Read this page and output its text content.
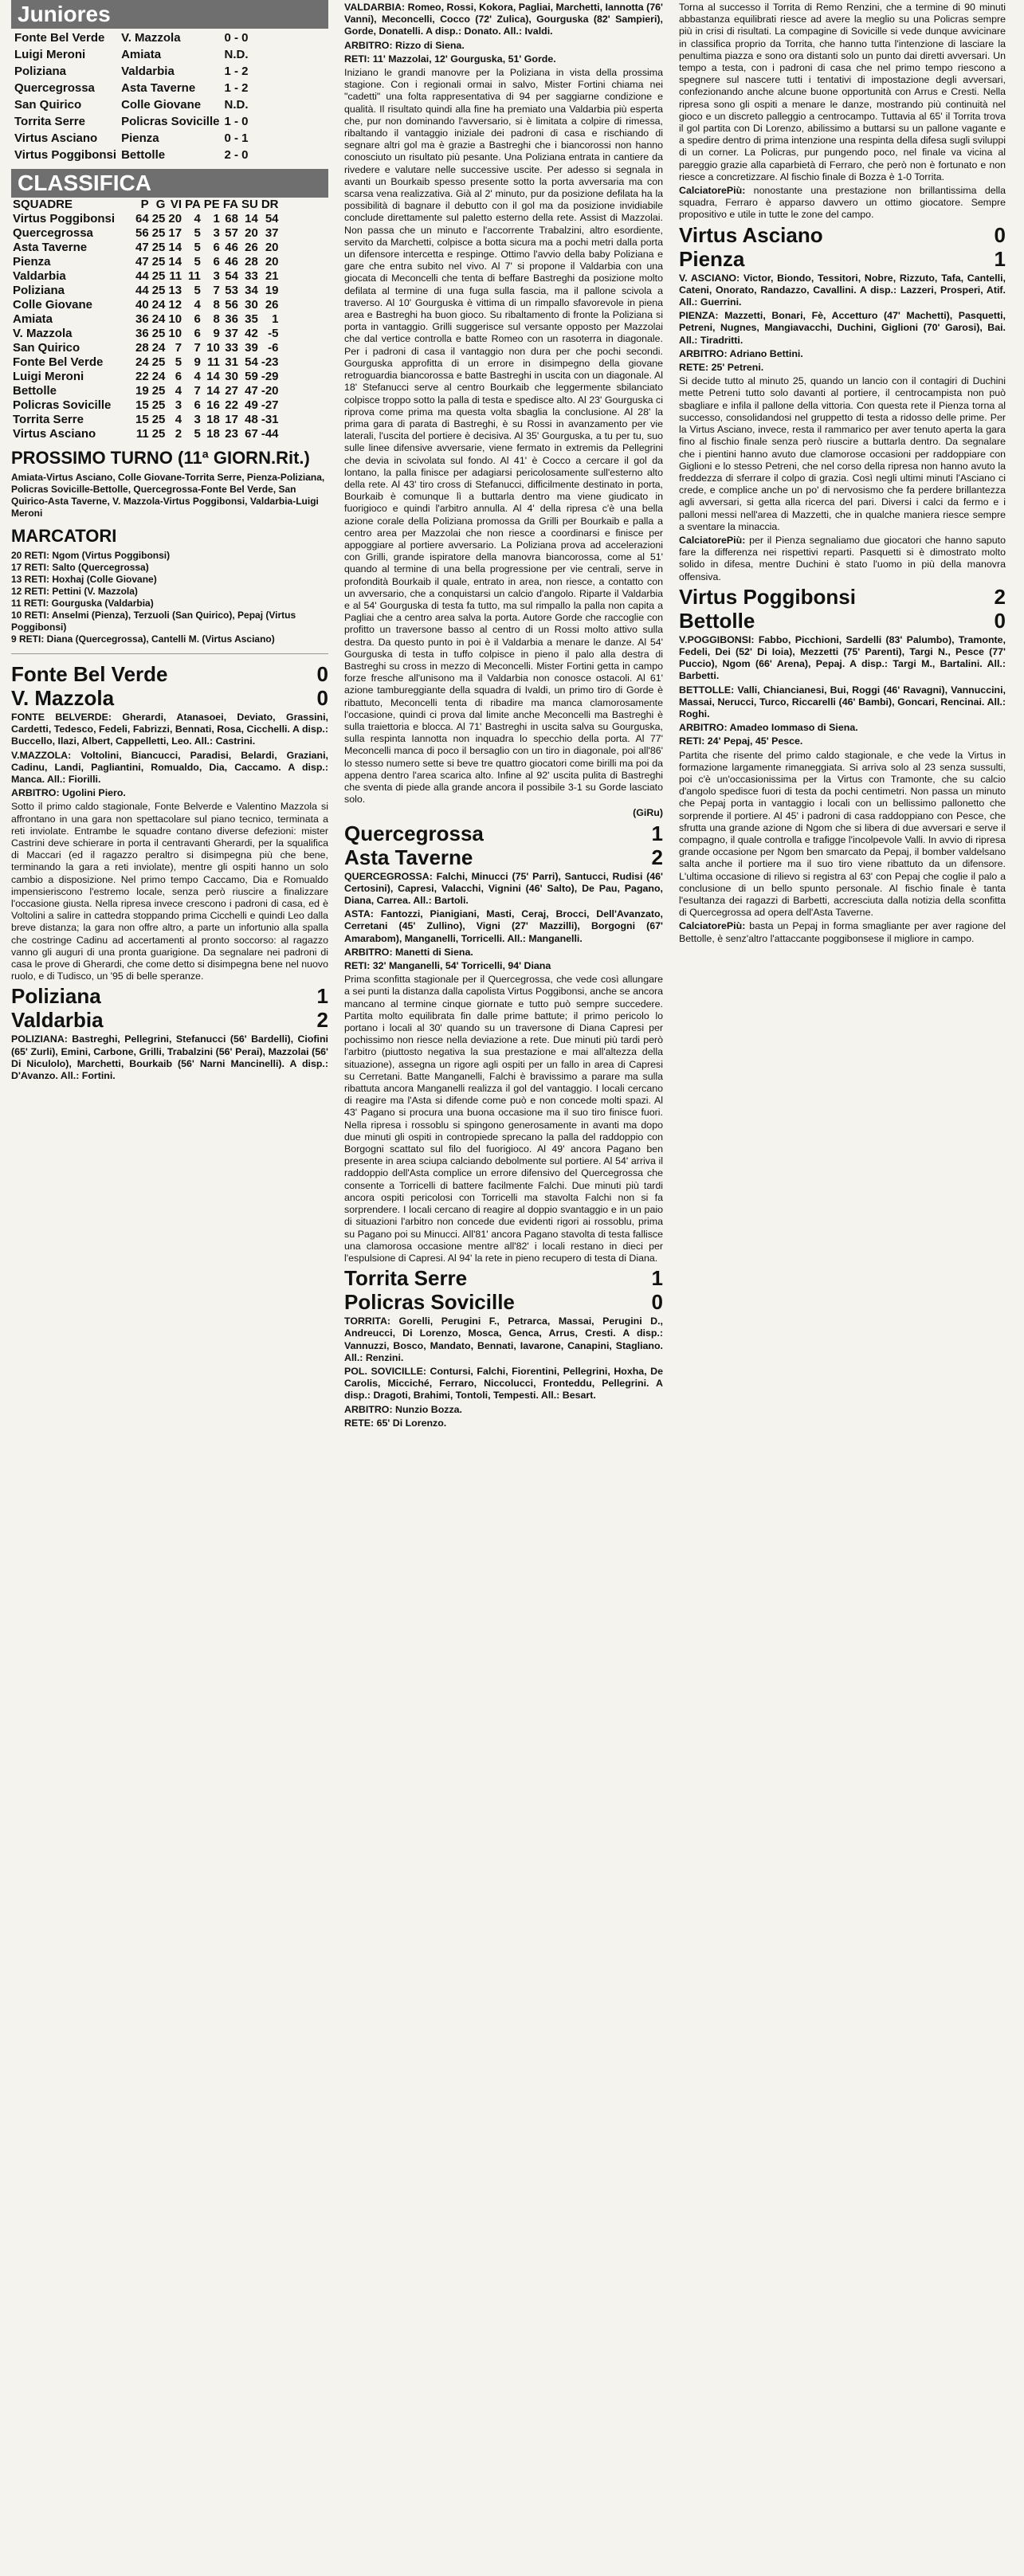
Juniores
Fonte Bel Verde	V. Mazzola	0 - 0
Luigi Meroni	Amiata	N.D.
Poliziana	Valdarbia	1 - 2
Quercegrossa	Asta Taverne	1 - 2
San Quirico	Colle Giovane	N.D.
Torrita Serre	Policras Sovicille	1 - 0
Virtus Asciano	Pienza	0 - 1
Virtus Poggibonsi	Bettolle	2 - 0
CLASSIFICA
SQUADRE	P	G	VI	PA	PE	FA	SU	DR
Virtus Poggibonsi	64	25	20	4	1	68	14	54
Quercegrossa	56	25	17	5	3	57	20	37
Asta Taverne	47	25	14	5	6	46	26	20
Pienza	47	25	14	5	6	46	28	20
Valdarbia	44	25	11	11	3	54	33	21
Poliziana	44	25	13	5	7	53	34	19
Colle Giovane	40	24	12	4	8	56	30	26
Amiata	36	24	10	6	8	36	35	1
V. Mazzola	36	25	10	6	9	37	42	-5
San Quirico	28	24	7	7	10	33	39	-6
Fonte Bel Verde	24	25	5	9	11	31	54	-23
Luigi Meroni	22	24	6	4	14	30	59	-29
Bettolle	19	25	4	7	14	27	47	-20
Policras Sovicille	15	25	3	6	16	22	49	-27
Torrita Serre	15	25	4	3	18	17	48	-31
Virtus Asciano	11	25	2	5	18	23	67	-44
PROSSIMO TURNO (11ª GIORN.Rit.)
Amiata-Virtus Asciano, Colle Giovane-Torrita Serre, Pienza-Poliziana, Policras Sovicille-Bettolle, Quercegrossa-Fonte Bel Verde, San Quirico-Asta Taverne, V. Mazzola-Virtus Poggibonsi, Valdarbia-Luigi Meroni
MARCATORI
20 RETI: Ngom (Virtus Poggibonsi)
17 RETI: Salto (Quercegrossa)
13 RETI: Hoxhaj (Colle Giovane)
12 RETI: Pettini (V. Mazzola)
11 RETI: Gourguska (Valdarbia)
10 RETI: Anselmi (Pienza), Terzuoli (San Quirico), Pepaj (Virtus Poggibonsi)
9 RETI: Diana (Quercegrossa), Cantelli M. (Virtus Asciano)
Fonte Bel Verde	0
V. Mazzola	0

FONTE BELVERDE: Gherardi, Atanasoei, Deviato, Grassini, Cardetti, Tedesco, Fedeli, Fabrizzi, Bennati, Rosa, Cicchelli. A disp.: Buccello, Ilazi, Albert, Cappelletti, Leo. All.: Castrini.

V.MAZZOLA: Voltolini, Biancucci, Paradisi, Belardi, Graziani, Cadinu, Landi, Pagliantini, Romualdo, Dia, Caccamo. A disp.: Manca. All.: Fiorilli.

ARBITRO: Ugolini Piero.

Sotto il primo caldo stagionale, Fonte Belverde e Valentino Mazzola si affrontano in una gara non spettacolare sul piano tecnico, terminata a reti inviolate. Entrambe le squadre contano diverse defezioni: mister Castrini deve schierare in porta il centravanti Gherardi, per la squalifica di Maccari (ed il ragazzo peraltro si disimpegna più che bene, terminando la gara a reti inviolate), mentre gli ospiti hanno un solo cambio a disposizione. Nel primo tempo Caccamo, Dia e Romualdo impensieriscono l'estremo locale, senza però riuscire a finalizzare l'occasione giusta. Nella ripresa invece crescono i padroni di casa, ed è Voltolini a salire in cattedra stoppando prima Cicchelli e quindi Leo dalla breve distanza; la gara non offre altro, a parte un infortunio alla spalla che costringe Cadinu ad accertamenti al pronto soccorso: al ragazzo vanno gli auguri di una pronta guarigione. Da segnalare nei padroni di casa le prove di Gherardi, che come detto si disimpegna bene nel nuovo ruolo, e di Tudisco, un '95 di belle speranze.

Poliziana	1
Valdarbia	2

POLIZIANA: Bastreghi, Pellegrini, Stefanucci (56' Bardelli), Ciofini (65' Zurli), Emini, Carbone, Grilli, Trabalzini (56' Perai), Mazzolai (56' Di Niculolo), Marchetti, Bourkaib (56' Narni Mancinelli). A disp.: D'Avanzo. All.: Fortini.

VALDARBIA: Romeo, Rossi, Kokora, Pagliai, Marchetti, Iannotta (76' Vanni), Meconcelli, Cocco (72' Zulica), Gourguska (82' Sampieri), Gorde, Donatelli. A disp.: Donato. All.: Ivaldi.

ARBITRO: Rizzo di Siena.

RETI: 11' Mazzolai, 12' Gourguska, 51' Gorde.

Iniziano le grandi manovre per la Poliziana in vista della prossima stagione. Con i regionali ormai in salvo, Mister Fortini chiama nei "cadetti" una folta rappresentativa di 94 per saggiarne condizione e qualità. Il risultato quindi alla fine ha premiato una Valdarbia più esperta che, pur non dominando l'avversario, si è limitata a colpire di rimessa, ribaltando il vantaggio iniziale dei padroni di casa e rischiando di segnare altri gol ma è grazie a Bastreghi che i biancorossi non hanno conosciuto un risultato più pesante. Una Poliziana entrata in cantiere da rivedere e valutare nelle successive uscite. Per adesso si segnala in avanti un Bourkaib spesso presente sotto la porta avversaria ma con scarsa vena realizzativa. Già al 2' minuto, pur da posizione defilata ha la possibilità di bagnare il debutto con il gol ma da posizione invidiabile conclude direttamente sul paletto esterno della rete. Assist di Mazzolai. Non passa che un minuto e l'accorrente Trabalzini, altro esordiente, servito da Marchetti, colpisce a botta sicura ma a pochi metri dalla porta un difensore intercetta e respinge. Ottimo l'avvio della baby Poliziana e gare che entra subito nel vivo. Al 7' si propone il Valdarbia con una giocata di Meconcelli che tenta di beffare Bastreghi da posizione molto defilata al termine di una fuga sulla fascia, ma il pallone scivola a traverso. Al 10' Gourguska è vittima di un rimpallo sfavorevole in piena area e Bastreghi ha buon gioco. Su ribaltamento di fronte la Poliziana si porta in vantaggio. Grilli suggerisce sul versante opposto per Mazzolai che dal vertice controlla e batte Romeo con un rasoterra in diagonale. Per i padroni di casa il vantaggio non dura per che pochi secondi. Gourguska approfitta di un errore in disimpegno della giovane retroguardia biancorossa e batte Bastreghi in uscita con un diagonale. Al 18' Stefanucci serve al centro Bourkaib che leggermente sbilanciato colpisce troppo sotto la palla di testa e spedisce alto. Al 23' Gourguska ci riprova come prima ma questa volta sbaglia la conclusione. Al 28' la prima gara di parata di Bastreghi, è su Rossi in avanzamento per vie laterali, l'uscita del portiere è decisiva. Al 35' Gourguska, a tu per tu, suo sulle linee difensive avversarie, viene fermato in extremis da Pellegrini che devia in scivolata sul fondo. Al 41' è Cocco a cercare il gol da lontano, la palla finisce per adagiarsi pericolosamente sull'esterno alto della rete. Al 43' tiro cross di Stefanucci, difficilmente destinato in porta, Bourkaib è comunque lì a buttarla dentro ma viene giudicato in fuorigioco e quindi l'arbitro annulla. Al 4' della ripresa c'è una bella azione corale della Poliziana promossa da Grilli per Bourkaib e palla a centro area per Mazzolai che non riesce a coordinarsi e finisce per appoggiare al portiere avversario. La Poliziana prova ad accelerazioni con Grilli, grande ispiratore della manovra biancorossa, come al 51' quando al termine di una bella progressione per vie centrali, serve in profondità Bourkaib il quale, entrato in area, non riesce, a contatto con un avversario, che a conquistarsi un calcio d'angolo. Riparte il Valdarbia e al 54' Gourguska di testa fa tutto, ma sul rimpallo la palla non capita a Pagliai che a centro area salva la porta. Autore Gorde che raccoglie con profitto un traversone basso al centro di un Rossi molto attivo sulla destra. Da questo punto in poi è il Valdarbia a menare le danze. Al 54' Gourguska di testa in tuffo colpisce in pieno il palo alla destra di Bastreghi su cross in mezzo di Meconcelli. Mister Fortini getta in campo forze fresche all'unisono ma il Valdarbia non conosce ostacoli. Al 61' azione tambureggiante della squadra di Ivaldi, un primo tiro di Gorde è ribattuto, Meconcelli tenta di ribadire ma manca clamorosamente l'occasione, quindi ci prova dal limite anche Meconcelli ma Bastreghi è sulla traiettoria e blocca. Al 71' Bastreghi in uscita salva su Gourguska, sulla respinta Iannotta non inquadra lo specchio della porta. Al 77' Meconcelli manca di poco il bersaglio con un tiro in diagonale, poi all'86' lo stesso numero sette si beve tre quattro giocatori come birilli ma poi da appena dentro l'area scarica alto. Infine al 92' uscita pulita di Bastreghi che sventa di piede alla grande ancora il possibile 3-1 su Gorde lasciato solo.

(GiRu)

Quercegrossa	1
Asta Taverne	2

QUERCEGROSSA: Falchi, Minucci (75' Parri), Santucci, Rudisi (46' Certosini), Capresi, Valacchi, Vignini (46' Salto), De Pau, Pagano, Diana, Carrea. All.: Bartoli.

ASTA: Fantozzi, Pianigiani, Masti, Ceraj, Brocci, Dell'Avanzato, Cerretani (45' Zullino), Vigni (27' Mazzilli), Borgogni (67' Amarabom), Manganelli, Torricelli. All.: Manganelli.

ARBITRO: Manetti di Siena.

RETI: 32' Manganelli, 54' Torricelli, 94' Diana

Prima sconfitta stagionale per il Quercegrossa, che vede così allungare a sei punti la distanza dalla capolista Virtus Poggibonsi, anche se ancora mancano al termine cinque giornate e tutto può sempre succedere. Partita molto equilibrata fin dalle prime battute; il primo pericolo lo portano i locali al 30' quando su un traversone di Diana Capresi per pochissimo non riesce nella deviazione a rete. Due minuti più tardi però l'arbitro (piuttosto negativa la sua prestazione e mai all'altezza della situazione), assegna un rigore agli ospiti per un fallo in area di Capresi su Cerretani. Batte Manganelli, Falchi è bravissimo a parare ma sulla ribattuta ancora Manganelli realizza il gol del vantaggio. I locali cercano di reagire ma l'Asta si difende come può e non concede molti spazi. Al 43' Pagano si procura una buona occasione ma il suo tiro finisce fuori. Nella ripresa i rossoblu si spingono generosamente in avanti ma dopo due minuti gli ospiti in contropiede sprecano la palla del raddoppio con Borgogni scattato sul filo del fuorigioco. Al 49' ancora Pagano ben presente in area sciupa calciando debolmente sul portiere. Al 54' arriva il raddoppio dell'Asta complice un errore difensivo del Quercegrossa che consente a Torricelli di battere facilmente Falchi. Due minuti più tardi ancora ospiti pericolosi con Torricelli ma stavolta Falchi non si fa sorprendere. I locali cercano di reagire al doppio svantaggio e in un paio di situazioni l'arbitro non concede due evidenti rigori ai rossoblu, prima su Pagano poi su Minucci. All'81' ancora Pagano stavolta di testa fallisce una clamorosa occasione mentre all'82' i locali restano in dieci per l'espulsione di Capresi. Al 94' la rete in pieno recupero di testa di Diana.

Torrita Serre	1
Policras Sovicille	0

TORRITA: Gorelli, Perugini F., Petrarca, Massai, Perugini D., Andreucci, Di Lorenzo, Mosca, Genca, Arrus, Cresti. A disp.: Vannuzzi, Bosco, Mandato, Bennati, Iavarone, Canapini, Stagliano. All.: Renzini.

POL. SOVICILLE: Contursi, Falchi, Fiorentini, Pellegrini, Hoxha, De Carolis, Micciché, Ferraro, Niccolucci, Fronteddu, Pellegrini. A disp.: Dragoti, Brahimi, Tontoli, Tempesti. All.: Besart.

ARBITRO: Nunzio Bozza.

RETE: 65' Di Lorenzo.

Torna al successo il Torrita di Remo Renzini, che a termine di 90 minuti abbastanza equilibrati riesce ad avere la meglio su una Policras sempre più in crisi di risultati. La compagine di Sovicille si vede dunque avvicinare in classifica proprio da Torrita, che hanno tutta l'intenzione di lasciare la penultima piazza e sono ora distanti solo un punto dai diretti avversari. Un tempo a testa, con i padroni di casa che nel primo tempo riescono a spegnere sul nascere tutti i tentativi di impostazione degli avversari, confezionando anche alcune buone opportunità con Arrus e Cresti. Nella ripresa sono gli ospiti a menare le danze, mostrando più continuità nel gioco e un discreto palleggio a centrocampo. Tuttavia al 65' il Torrita trova il gol partita con Di Lorenzo, abilissimo a buttarsi su un pallone vagante e a spedire dentro di prima intenzione una respinta della difesa sugli sviluppi di un corner. La Policras, pur pungendo poco, nel finale va vicina al pareggio grazie alla caparbietà di Ferraro, che però non è fortunato e non riesce a concretizzare. Al fischio finale di Bozza è 1-0 Torrita.

CalciatorePiù: nonostante una prestazione non brillantissima della squadra, Ferraro è apparso davvero un ottimo giocatore. Sempre propositivo e utile in tutte le zone del campo.

Virtus Asciano	0
Pienza	1

V. ASCIANO: Victor, Biondo, Tessitori, Nobre, Rizzuto, Tafa, Cantelli, Cateni, Onorato, Randazzo, Cavallini. A disp.: Lazzeri, Prosperi, Atif. All.: Guerrini.

PIENZA: Mazzetti, Bonari, Fè, Accetturo (47' Machetti), Pasquetti, Petreni, Nugnes, Mangiavacchi, Duchini, Giglioni (70' Garosi), Bai. All.: Tiradritti.

ARBITRO: Adriano Bettini.

RETE: 25' Petreni.

Si decide tutto al minuto 25, quando un lancio con il contagiri di Duchini mette Petreni tutto solo davanti al portiere, il centrocampista non può sbagliare e infila il pallone della vittoria. Con questa rete il Pienza torna al successo, consolidandosi nel gruppetto di testa a ridosso delle prime. Per la Virtus Asciano, invece, resta il rammarico per aver tenuto aperta la gara fino al fischio finale senza però riuscire a buttarla dentro. Da segnalare che i pientini hanno avuto due clamorose occasioni per raddoppiare con Giglioni e lo stesso Petreni, che nel corso della ripresa non hanno avuto la freddezza di sferrare il colpo di grazia. Così negli ultimi minuti l'Asciano ci crede, e complice anche un po' di nervosismo che fa perdere brillantezza agli avversari, si getta alla ricerca del pari. Diversi i calci da fermo e i palloni messi nell'area di Mazzetti, che in qualche maniera riesce sempre a sventare la minaccia.

CalciatorePiù: per il Pienza segnaliamo due giocatori che hanno saputo fare la differenza nei rispettivi reparti. Pasquetti si è dimostrato molto solido in difesa, mentre Duchini è stato l'uomo in più della manovra offensiva.

Virtus Poggibonsi	2
Bettolle	0

V.POGGIBONSI: Fabbo, Picchioni, Sardelli (83' Palumbo), Tramonte, Fedeli, Dei (52' Di Ioia), Mezzetti (75' Parenti), Targi N., Pesce (77' Puccio), Ngom (66' Arena), Pepaj. A disp.: Targi M., Bartalini. All.: Barbetti.

BETTOLLE: Valli, Chiancianesi, Bui, Roggi (46' Ravagni), Vannuccini, Massai, Nerucci, Turco, Riccarelli (46' Bambi), Goncari, Rencinai. All.: Roghi.

ARBITRO: Amadeo Iommaso di Siena.

RETI: 24' Pepaj, 45' Pesce.

Partita che risente del primo caldo stagionale, e che vede la Virtus in formazione largamente rimaneggiata. Si arriva solo al 23 senza sussulti, poi c'è un'occasionissima per la Virtus con Tramonte, che su calcio d'angolo spedisce fuori di testa da pochi centimetri. Non passa un minuto che Pepaj porta in vantaggio i locali con un bellissimo pallonetto che sorprende il portiere. Al 45' i padroni di casa raddoppiano con Pesce, che sfrutta una grande azione di Ngom che si libera di due avversari e serve il compagno, il quale controlla e trafigge l'incolpevole Valli. In avvio di ripresa grande occasione per Ngom ben smarcato da Pepaj, il bomber valdelsano salta anche il portiere ma il suo tiro viene ribattuto da un difensore. L'ultima occasione di rilievo si registra al 63' con Pepaj che coglie il palo a conclusione di un bello spunto personale. Al fischio finale è tanta l'esultanza dei ragazzi di Barbetti, accresciuta dalla notizia della sconfitta di Quercegrossa ad opera dell'Asta Taverne.

CalciatorePiù: basta un Pepaj in forma smagliante per aver ragione del Bettolle, è senz'altro l'attaccante poggibonsese il migliore in campo.
